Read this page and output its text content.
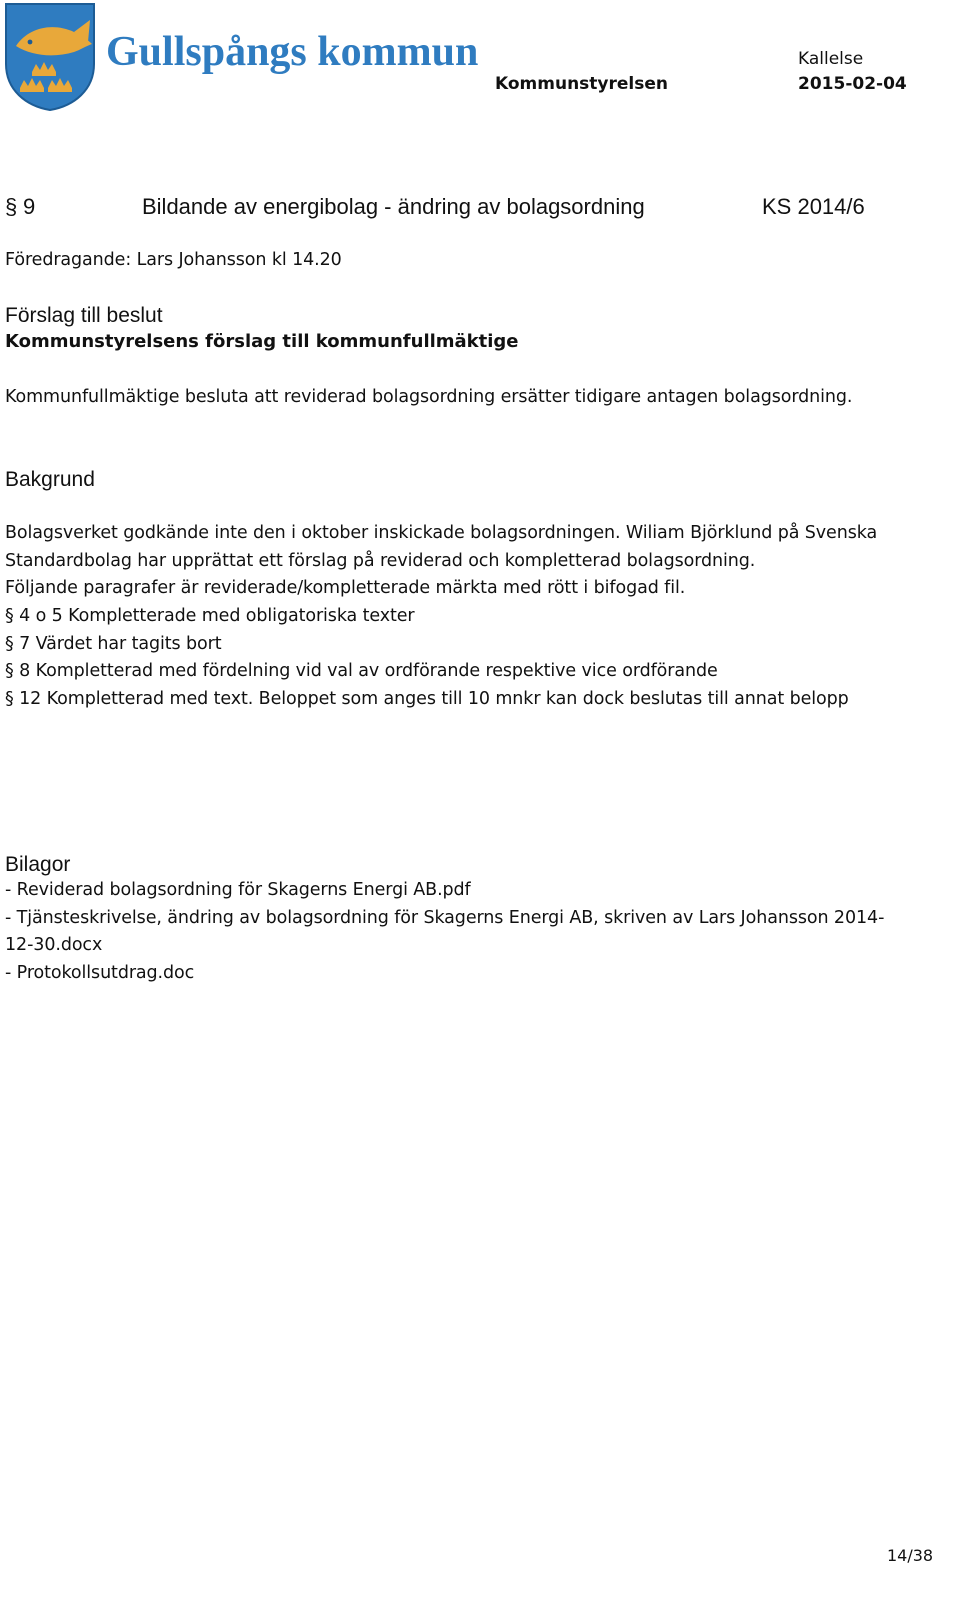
Gullspångs kommun	Kallelse
Kommunstyrelsen	2015-02-04
§ 9	Bildande av energibolag - ändring av bolagsordning	KS 2014/6
Föredragande: Lars Johansson kl 14.20
Förslag till beslut
Kommunstyrelsens förslag till kommunfullmäktige
Kommunfullmäktige besluta att reviderad bolagsordning ersätter tidigare antagen bolagsordning.
Bakgrund
Bolagsverket godkände inte den i oktober inskickade bolagsordningen. Wiliam Björklund på Svenska
Standardbolag har upprättat ett förslag på reviderad och kompletterad bolagsordning.
Följande paragrafer är reviderade/kompletterade märkta med rött i bifogad fil.
§ 4 o 5 Kompletterade med obligatoriska texter
§ 7 Värdet har tagits bort
§ 8 Kompletterad med fördelning vid val av ordförande respektive vice ordförande
§ 12 Kompletterad med text. Beloppet som anges till 10 mnkr kan dock beslutas till annat belopp
Bilagor
- Reviderad bolagsordning för Skagerns Energi AB.pdf
- Tjänsteskrivelse, ändring av bolagsordning för Skagerns Energi AB, skriven av Lars Johansson 2014-
12-30.docx
- Protokollsutdrag.doc
14/38
